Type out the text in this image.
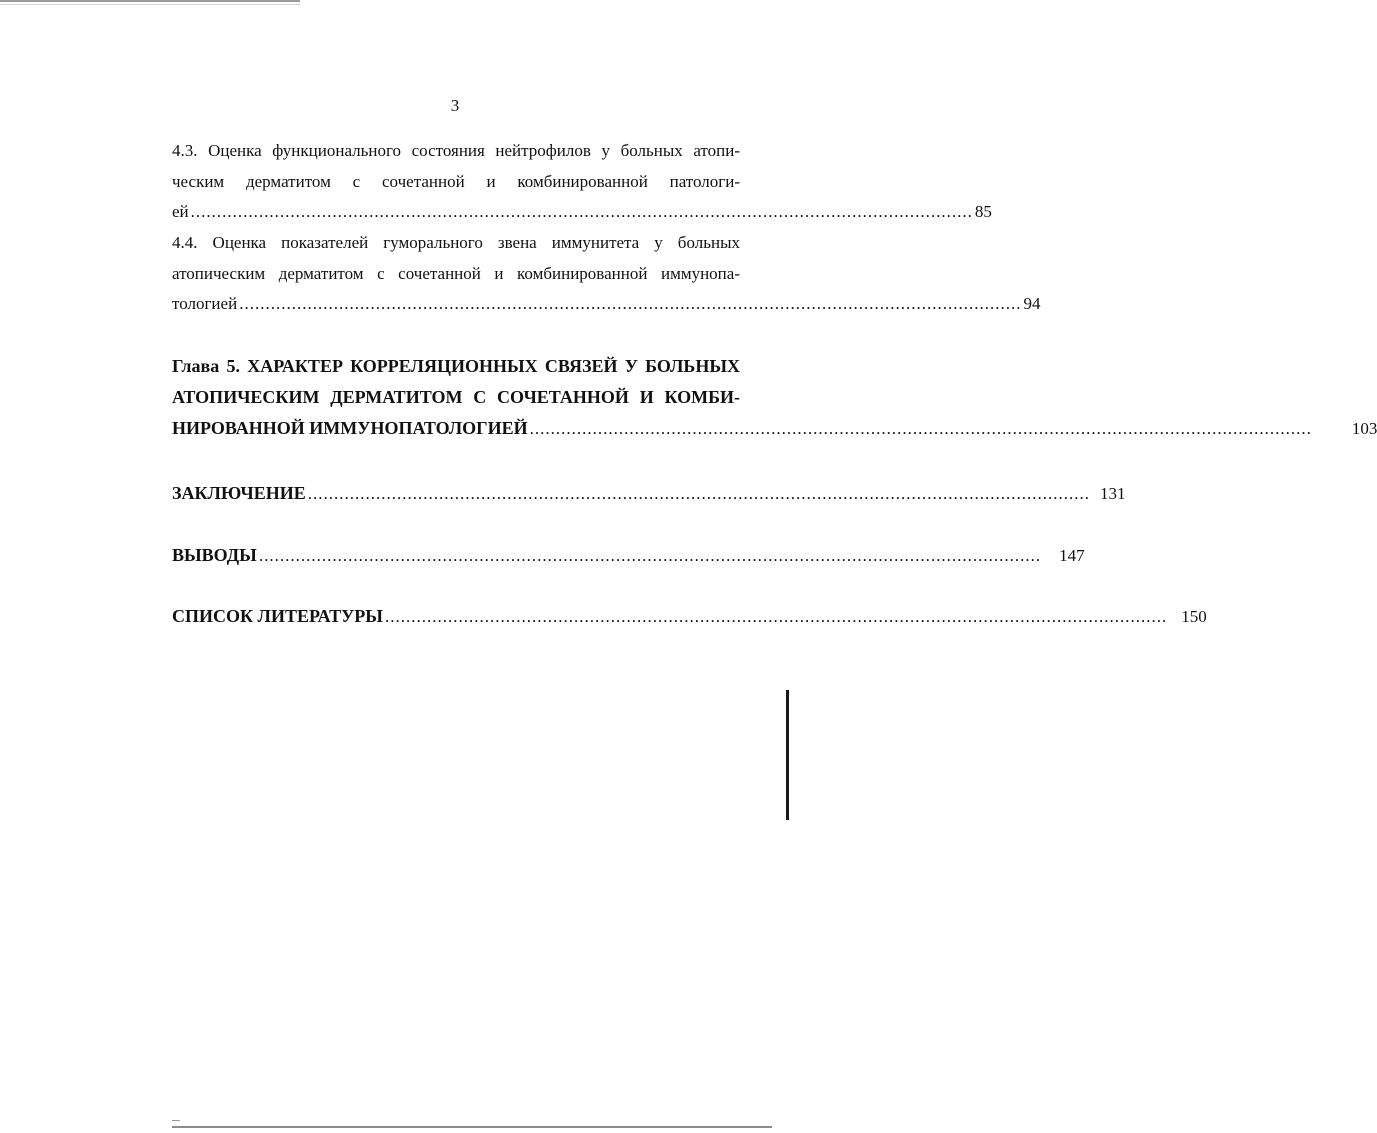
3
4.3. Оценка функционального состояния нейтрофилов у больных атопи-
ческим дерматитом с сочетанной и комбинированной патологи-
ей ..................................................................................................................................................... 85
4.4. Оценка показателей гуморального звена иммунитета у больных
атопическим дерматитом с сочетанной и комбинированной иммунопа-
тологией ..................................................................................................................................................... 94
Глава 5. ХАРАКТЕР КОРРЕЛЯЦИОННЫХ СВЯЗЕЙ У БОЛЬНЫХ
АТОПИЧЕСКИМ ДЕРМАТИТОМ С СОЧЕТАННОЙ И КОМБИ-
НИРОВАННОЙ ИММУНОПАТОЛОГИЕЙ ..................................................................................................................................................... 103
ЗАКЛЮЧЕНИЕ ..................................................................................................................................................... 131
ВЫВОДЫ ..................................................................................................................................................... 147
СПИСОК ЛИТЕРАТУРЫ ..................................................................................................................................................... 150
